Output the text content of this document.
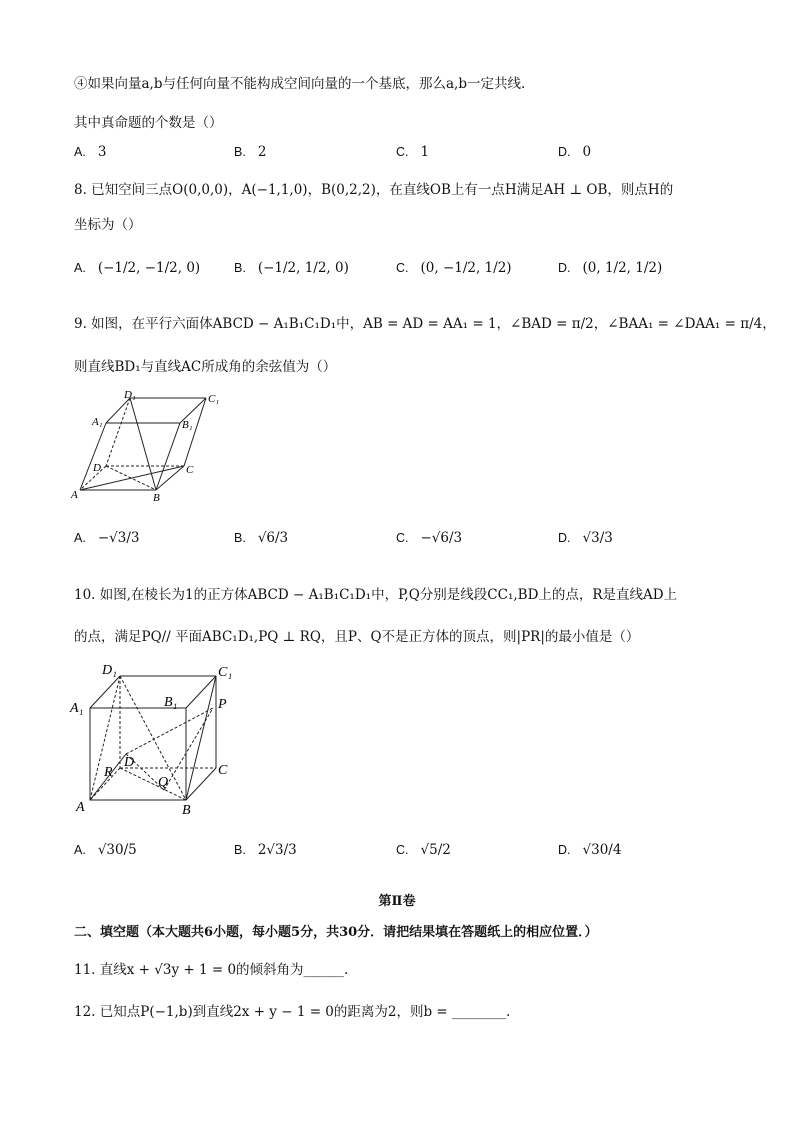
④如果向量a,b与任何向量不能构成空间向量的一个基底，那么a,b一定共线.
其中真命题的个数是（）
A. 3	B. 2	C. 1	D. 0
8. 已知空间三点O(0,0,0)，A(−1,1,0)，B(0,2,2)，在直线OB上有一点H满足AH ⊥ OB，则点H的
坐标为（）
A. (−1/2, −1/2, 0)	B. (−1/2, 1/2, 0)	C. (0, −1/2, 1/2)	D. (0, 1/2, 1/2)
9. 如图，在平行六面体ABCD − A₁B₁C₁D₁中，AB = AD = AA₁ = 1，∠BAD = π/2，∠BAA₁ = ∠DAA₁ = π/4，
则直线BD₁与直线AC所成角的余弦值为（）
D₁	C₁
A₁	B₁
D	C
A	B
A. −√3/3	B. √6/3	C. −√6/3	D. √3/3
10. 如图,在棱长为1的正方体ABCD − A₁B₁C₁D₁中，P,Q分别是线段CC₁,BD上的点，R是直线AD上
的点，满足PQ// 平面ABC₁D₁,PQ ⊥ RQ，且P、Q不是正方体的顶点，则|PR|的最小值是（）
D₁	C₁
A₁	B₁	P
D
C
R
Q
A	B
A. √30/5	B. 2√3/3	C. √5/2	D. √30/4
第Ⅱ卷
二、填空题（本大题共6小题，每小题5分，共30分．请把结果填在答题纸上的相应位置．）
11. 直线x + √3y + 1 = 0的倾斜角为______.
12. 已知点P(−1,b)到直线2x + y − 1 = 0的距离为2，则b = ________.
